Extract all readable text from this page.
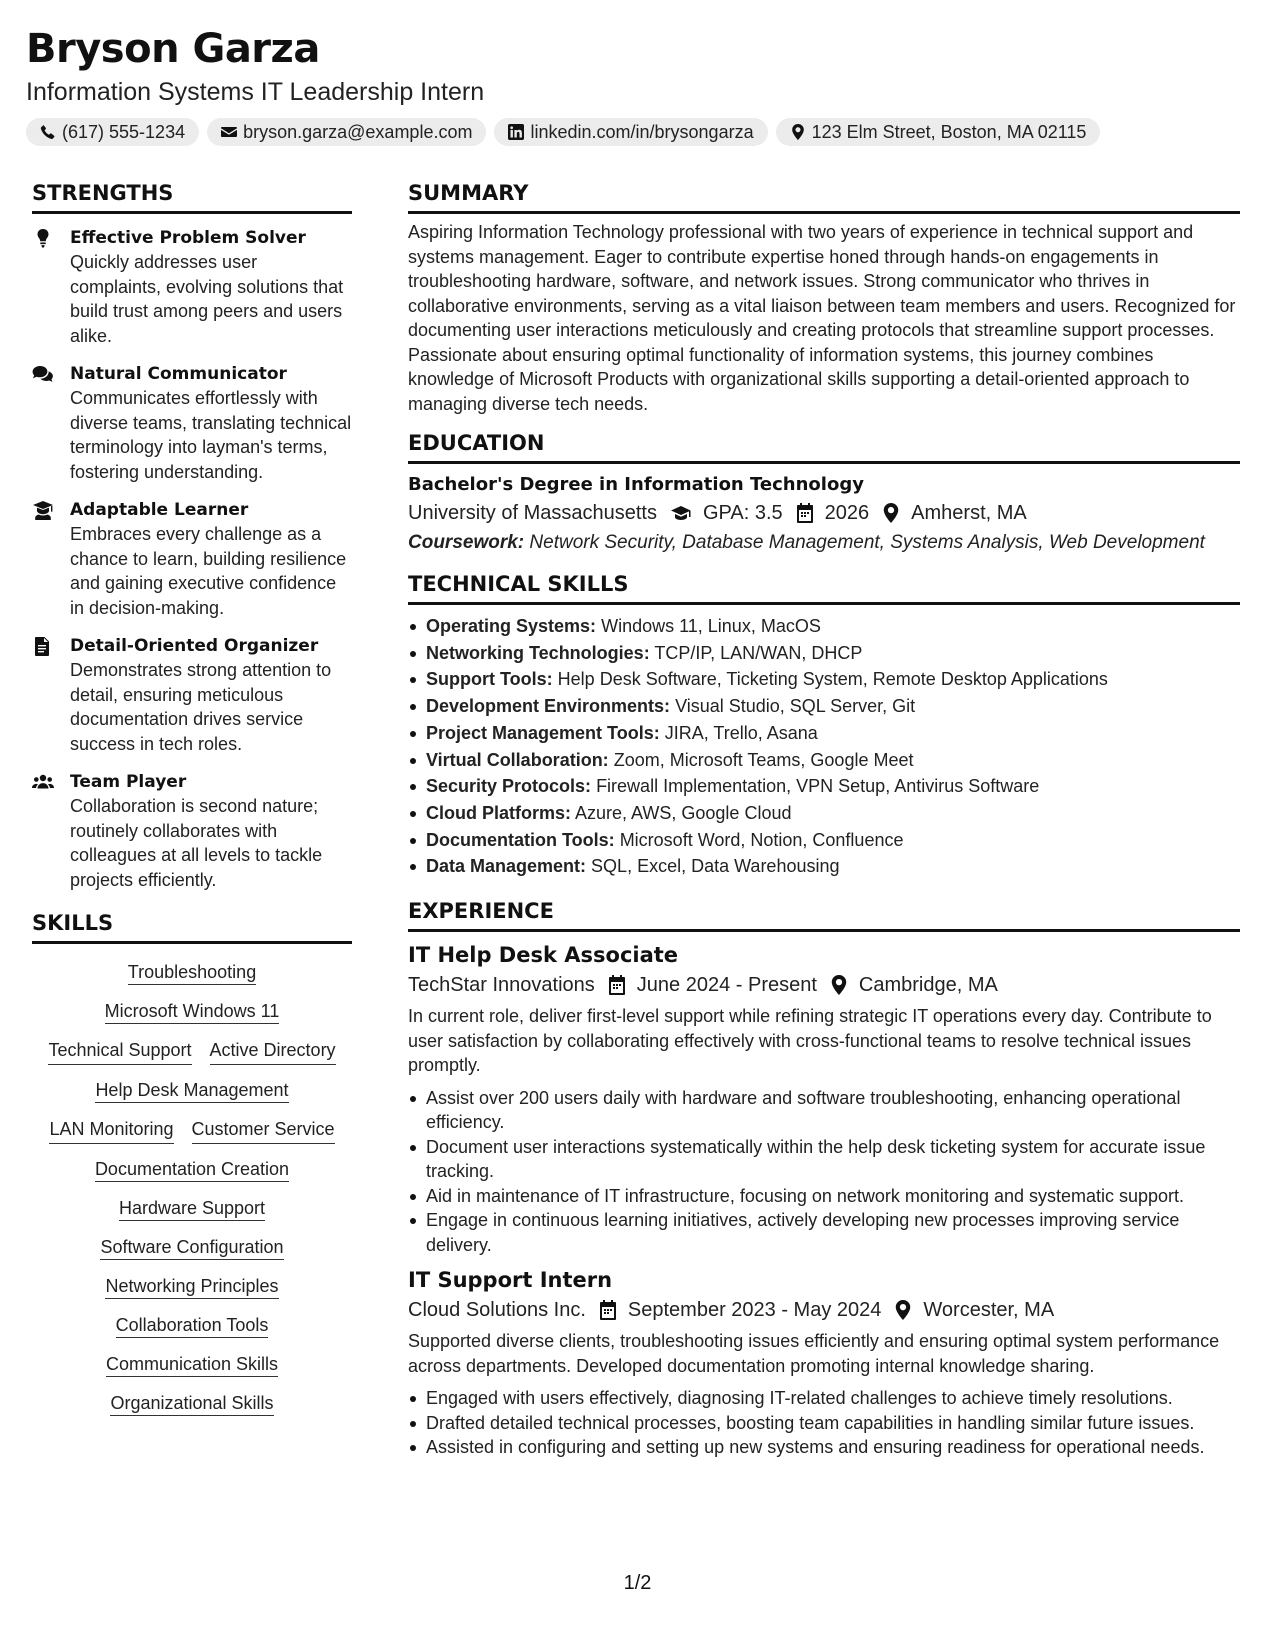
Bryson Garza
Information Systems IT Leadership Intern
(617) 555-1234	bryson.garza@example.com	linkedin.com/in/brysongarza	123 Elm Street, Boston, MA 02115
STRENGTHS
Effective Problem Solver
Quickly addresses user complaints, evolving solutions that build trust among peers and users alike.
Natural Communicator
Communicates effortlessly with diverse teams, translating technical terminology into layman's terms, fostering understanding.
Adaptable Learner
Embraces every challenge as a chance to learn, building resilience and gaining executive confidence in decision-making.
Detail-Oriented Organizer
Demonstrates strong attention to detail, ensuring meticulous documentation drives service success in tech roles.
Team Player
Collaboration is second nature; routinely collaborates with colleagues at all levels to tackle projects efficiently.
SKILLS
Troubleshooting
Microsoft Windows 11
Technical Support Active Directory
Help Desk Management
LAN Monitoring Customer Service
Documentation Creation
Hardware Support
Software Configuration
Networking Principles
Collaboration Tools
Communication Skills
Organizational Skills
SUMMARY
Aspiring Information Technology professional with two years of experience in technical support and systems management. Eager to contribute expertise honed through hands-on engagements in troubleshooting hardware, software, and network issues. Strong communicator who thrives in collaborative environments, serving as a vital liaison between team members and users. Recognized for documenting user interactions meticulously and creating protocols that streamline support processes. Passionate about ensuring optimal functionality of information systems, this journey combines knowledge of Microsoft Products with organizational skills supporting a detail-oriented approach to managing diverse tech needs.
EDUCATION
Bachelor's Degree in Information Technology
University of Massachusetts GPA: 3.5 2026 Amherst, MA
Coursework: Network Security, Database Management, Systems Analysis, Web Development
TECHNICAL SKILLS
Operating Systems: Windows 11, Linux, MacOS
Networking Technologies: TCP/IP, LAN/WAN, DHCP
Support Tools: Help Desk Software, Ticketing System, Remote Desktop Applications
Development Environments: Visual Studio, SQL Server, Git
Project Management Tools: JIRA, Trello, Asana
Virtual Collaboration: Zoom, Microsoft Teams, Google Meet
Security Protocols: Firewall Implementation, VPN Setup, Antivirus Software
Cloud Platforms: Azure, AWS, Google Cloud
Documentation Tools: Microsoft Word, Notion, Confluence
Data Management: SQL, Excel, Data Warehousing
EXPERIENCE
IT Help Desk Associate
TechStar Innovations June 2024 - Present Cambridge, MA
In current role, deliver first-level support while refining strategic IT operations every day. Contribute to user satisfaction by collaborating effectively with cross-functional teams to resolve technical issues promptly.
Assist over 200 users daily with hardware and software troubleshooting, enhancing operational efficiency.
Document user interactions systematically within the help desk ticketing system for accurate issue tracking.
Aid in maintenance of IT infrastructure, focusing on network monitoring and systematic support.
Engage in continuous learning initiatives, actively developing new processes improving service delivery.
IT Support Intern
Cloud Solutions Inc. September 2023 - May 2024 Worcester, MA
Supported diverse clients, troubleshooting issues efficiently and ensuring optimal system performance across departments. Developed documentation promoting internal knowledge sharing.
Engaged with users effectively, diagnosing IT-related challenges to achieve timely resolutions.
Drafted detailed technical processes, boosting team capabilities in handling similar future issues.
Assisted in configuring and setting up new systems and ensuring readiness for operational needs.
1/2
